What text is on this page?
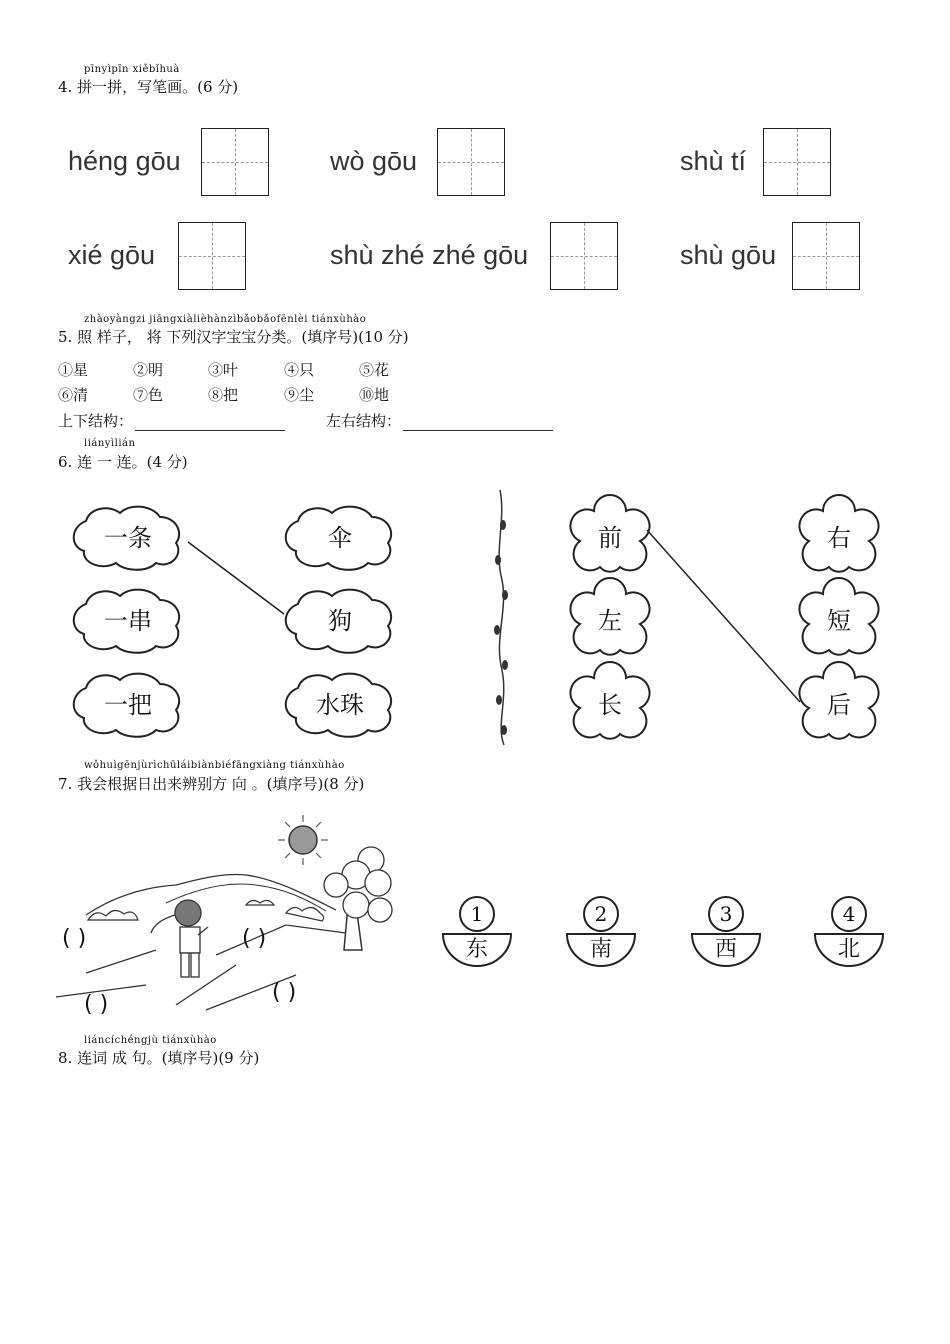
pīnyìpīn xiěbǐhuà
4. 拼一拼，写笔画。(6 分)
héng gōu	wò gōu	shù tí
xié gōu	shù zhé zhé gōu	shù gōu
zhàoyàngzi jiāngxiàlièhànzìbǎobǎofēnlèi tiánxùhào
5. 照 样子， 将 下列汉字宝宝分类。(填序号)(10 分)
①星	②明	③叶	④只	⑤花
⑥清	⑦色	⑧把	⑨尘	⑩地
上下结构：	左右结构：
liányìlián
6. 连 一 连。(4 分)
一条
一串
一把
伞
狗
水珠
前
左
长
右
短
后
wǒhuìgēnjùrìchūláibiànbiéfāngxiàng tiánxùhào
7. 我会根据日出来辨别方 向 。(填序号)(8 分)
( )	( )
( )	( )
1	2	3	4
东	南	西	北
liáncíchéngjù tiánxùhào
8. 连词 成 句。(填序号)(9 分)
